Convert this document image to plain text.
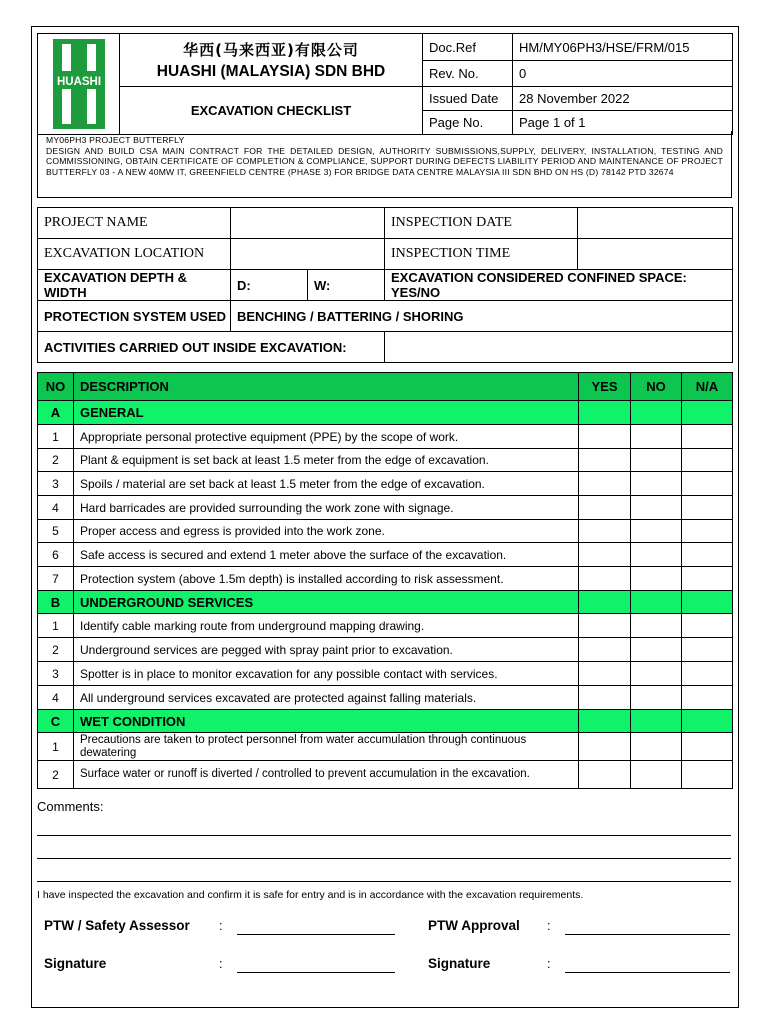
HUASHI	华西(马来西亚)有限公司
HUASHI (MALAYSIA) SDN BHD	Doc.Ref	HM/MY06PH3/HSE/FRM/015
		Rev. No.	0
	EXCAVATION CHECKLIST	Issued Date	28 November 2022
		Page No.	Page 1 of 1
MY06PH3 PROJECT BUTTERFLY
DESIGN AND BUILD CSA MAIN CONTRACT FOR THE DETAILED DESIGN, AUTHORITY SUBMISSIONS,SUPPLY, DELIVERY, INSTALLATION, TESTING AND COMMISSIONING, OBTAIN CERTIFICATE OF COMPLETION & COMPLIANCE, SUPPORT DURING DEFECTS LIABILITY PERIOD AND MAINTENANCE OF PROJECT BUTTERFLY 03 - A NEW 40MW IT, GREENFIELD CENTRE (PHASE 3) FOR BRIDGE DATA CENTRE MALAYSIA III SDN BHD ON HS (D) 78142 PTD 32674
PROJECT NAME			INSPECTION DATE	
EXCAVATION LOCATION			INSPECTION TIME	
EXCAVATION DEPTH & WIDTH	D:	W:	EXCAVATION CONSIDERED CONFINED SPACE: YES/NO	
PROTECTION SYSTEM USED	BENCHING / BATTERING / SHORING			
ACTIVITIES CARRIED OUT INSIDE EXCAVATION:				
NO	DESCRIPTION	YES	NO	N/A
A	GENERAL			
1	Appropriate personal protective equipment (PPE) by the scope of work.			
2	Plant & equipment is set back at least 1.5 meter from the edge of excavation.			
3	Spoils / material are set back at least 1.5 meter from the edge of excavation.			
4	Hard barricades are provided surrounding the work zone with signage.			
5	Proper access and egress is provided into the work zone.			
6	Safe access is secured and extend 1 meter above the surface of the excavation.			
7	Protection system (above 1.5m depth) is installed according to risk assessment.			
B	UNDERGROUND SERVICES			
1	Identify cable marking route from underground mapping drawing.			
2	Underground services are pegged with spray paint prior to excavation.			
3	Spotter is in place to monitor excavation for any possible contact with services.			
4	All underground services excavated are protected against falling materials.			
C	WET CONDITION			
1	Precautions are taken to protect personnel from water accumulation through continuous dewatering			
2	Surface water or runoff is diverted / controlled to prevent accumulation in the excavation.			
Comments:
I have inspected the excavation and confirm it is safe for entry and is in accordance with the excavation requirements.
PTW / Safety Assessor :	PTW Approval :
Signature	:	Signature	:
